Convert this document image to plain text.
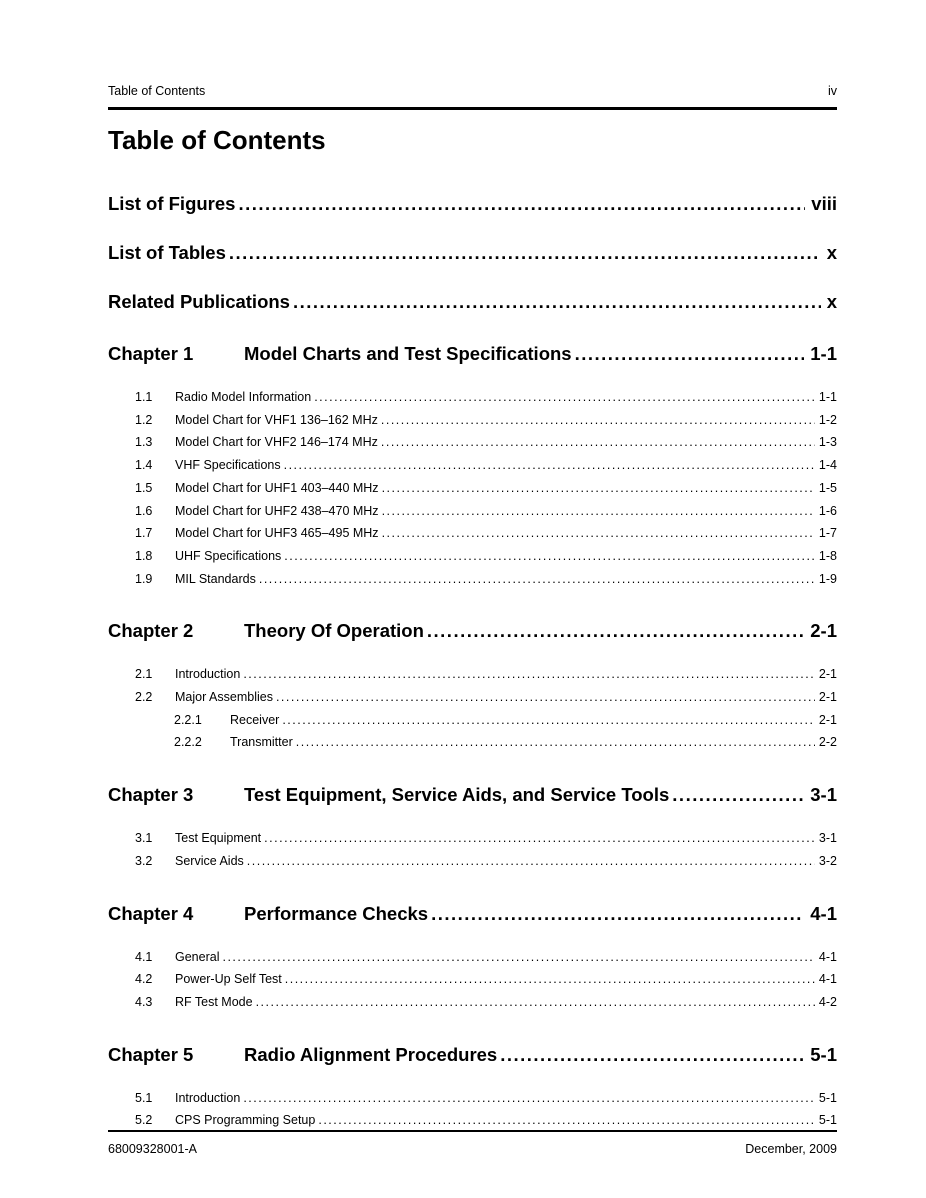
Table of Contents	iv
Table of Contents
List of Figures .....	viii
List of Tables .....	x
Related Publications .....	x
Chapter 1	Model Charts and Test Specifications .....	1-1
1.1	Radio Model Information .....	1-1
1.2	Model Chart for VHF1 136–162 MHz .....	1-2
1.3	Model Chart for VHF2 146–174 MHz .....	1-3
1.4	VHF Specifications .....	1-4
1.5	Model Chart for UHF1 403–440 MHz .....	1-5
1.6	Model Chart for UHF2 438–470 MHz .....	1-6
1.7	Model Chart for UHF3 465–495 MHz .....	1-7
1.8	UHF Specifications .....	1-8
1.9	MIL Standards .....	1-9
Chapter 2	Theory Of Operation .....	2-1
2.1	Introduction .....	2-1
2.2	Major Assemblies .....	2-1
2.2.1	Receiver .....	2-1
2.2.2	Transmitter .....	2-2
Chapter 3	Test Equipment, Service Aids, and Service Tools .....	3-1
3.1	Test Equipment .....	3-1
3.2	Service Aids .....	3-2
Chapter 4	Performance Checks .....	4-1
4.1	General .....	4-1
4.2	Power-Up Self Test .....	4-1
4.3	RF Test Mode .....	4-2
Chapter 5	Radio Alignment Procedures .....	5-1
5.1	Introduction .....	5-1
5.2	CPS Programming Setup .....	5-1
68009328001-A	December, 2009
